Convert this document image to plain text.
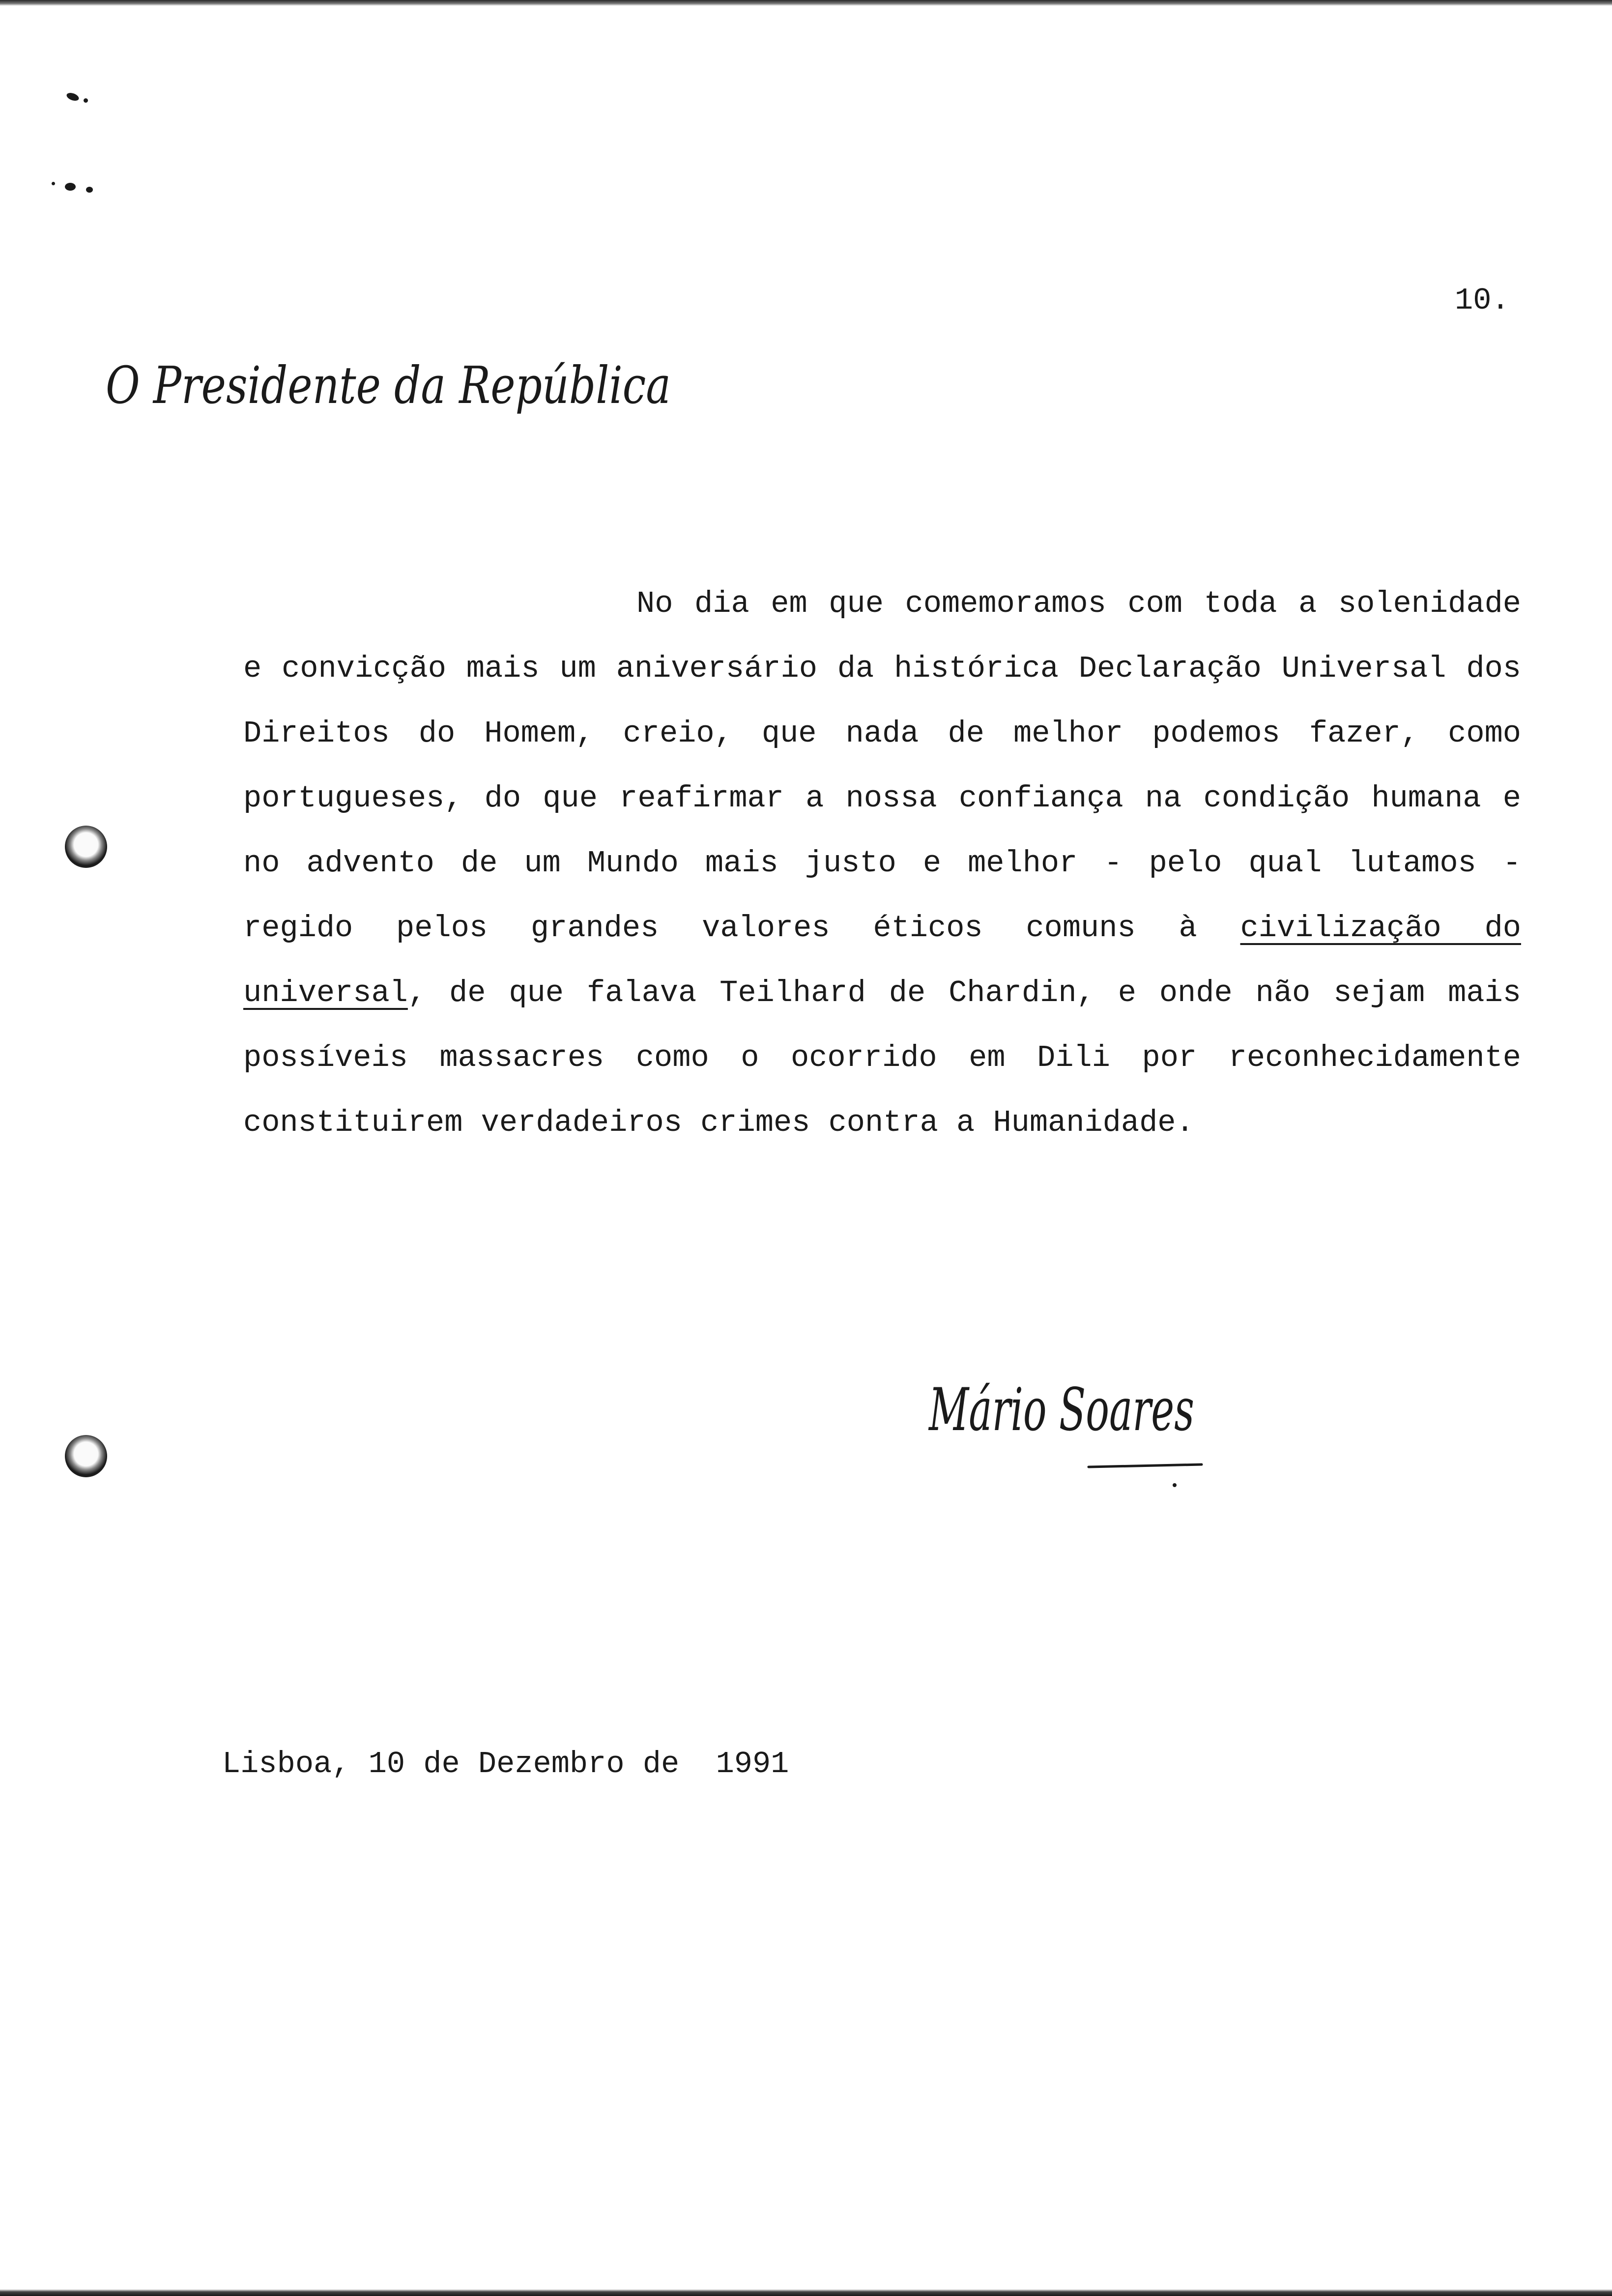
10.
O Presidente da República

No dia em que comemoramos com toda a solenidade e convicção mais um aniversário da histórica Declaração Universal dos Direitos do Homem, creio, que nada de melhor podemos fazer, como portugueses, do que reafirmar a nossa confiança na condição humana e no advento de um Mundo mais justo e melhor - pelo qual lutamos - regido pelos grandes valores éticos comuns à civilização do universal, de que falava Teilhard de Chardin, e onde não sejam mais possíveis massacres como o ocorrido em Dili por reconhecidamente constituirem verdadeiros crimes contra a Humanidade.

Mário Soares
Lisboa, 10 de Dezembro de  1991
